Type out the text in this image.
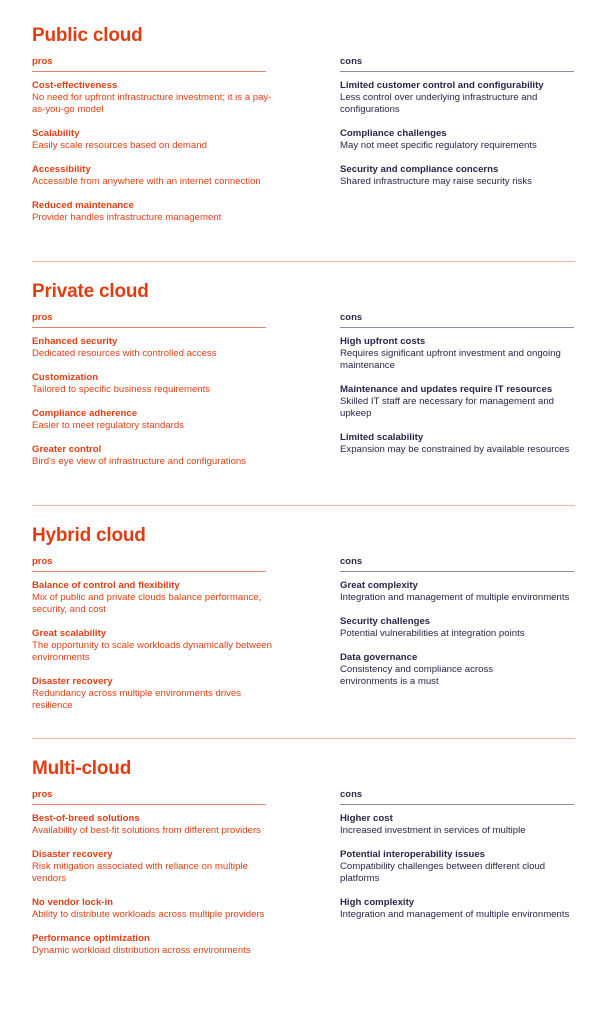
Public cloud
pros	cons
Cost-effectiveness
No need for upfront infrastructure investment; it is a pay-as-you-go model
Scalability
Easily scale resources based on demand
Accessibility
Accessible from anywhere with an internet connection
Reduced maintenance
Provider handles infrastructure management
Limited customer control and configurability
Less control over underlying infrastructure and configurations
Compliance challenges
May not meet specific regulatory requirements
Security and compliance concerns
Shared infrastructure may raise security risks
Private cloud
pros	cons
Enhanced security
Dedicated resources with controlled access
Customization
Tailored to specific business requirements
Compliance adherence
Easier to meet regulatory standards
Greater control
Bird's eye view of infrastructure and configurations
High upfront costs
Requires significant upfront investment and ongoing maintenance
Maintenance and updates require IT resources
Skilled IT staff are necessary for management and upkeep
Limited scalability
Expansion may be constrained by available resources
Hybrid cloud
pros	cons
Balance of control and flexibility
Mix of public and private clouds balance performance, security, and cost
Great scalability
The opportunity to scale workloads dynamically between environments
Disaster recovery
Redundancy across multiple environments drives resilience
Great complexity
Integration and management of multiple environments
Security challenges
Potential vulnerabilities at integration points
Data governance
Consistency and compliance across environments is a must
Multi-cloud
pros	cons
Best-of-breed solutions
Availability of best-fit solutions from different providers
Disaster recovery
Risk mitigation associated with reliance on multiple vendors
No vendor lock-in
Ability to distribute workloads across multiple providers
Performance optimization
Dynamic workload distribution across environments
Higher cost
Increased investment in services of multiple
Potential interoperability issues
Compatibility challenges between different cloud platforms
High complexity
Integration and management of multiple environments
